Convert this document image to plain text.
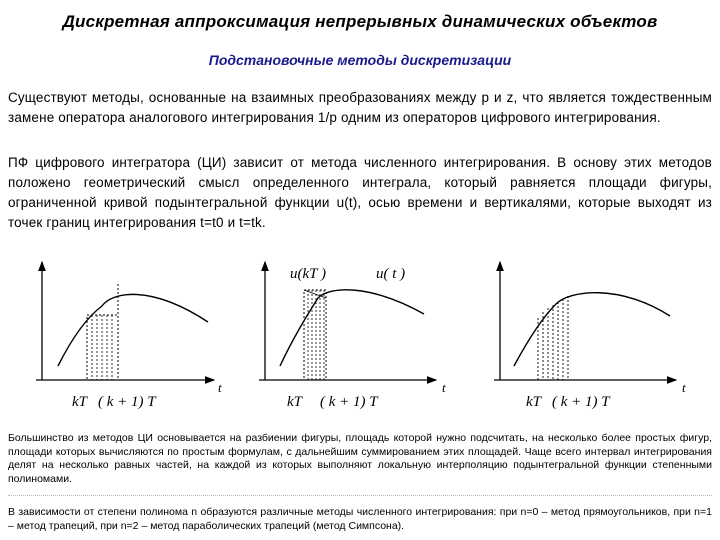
Дискретная аппроксимация непрерывных динамических объектов
Подстановочные методы дискретизации
Существуют методы, основанные на взаимных преобразованиях между p и z, что является тождественным замене оператора аналогового интегрирования 1/p одним из операторов цифрового интегрирования.
ПФ цифрового интегратора (ЦИ) зависит от метода численного интегрирования. В основу этих методов положено геометрический смысл определенного интеграла, который равняется площади фигуры, ограниченной кривой подынтегральной функции u(t), осью времени и вертикалями, которые выходят из точек границ интегрирования t=t0 и t=tk.
t
kT ( k + 1) T
u(kT )	u( t )
t
kT ( k + 1) T
t
kT ( k + 1) T
Большинство из методов ЦИ основывается на разбиении фигуры, площадь которой нужно подсчитать, на несколько более простых фигур, площади которых вычисляются по простым формулам, с дальнейшим суммированием этих площадей. Чаще всего интервал интегрирования делят на несколько равных частей, на каждой из которых выполняют локальную интерполяцию подынтегральной функции степенными полиномами.
В зависимости от степени полинома n образуются различные методы численного интегрирования: при n=0 – метод прямоугольников, при n=1 – метод трапеций, при n=2 – метод параболических трапеций (метод Симпсона).
